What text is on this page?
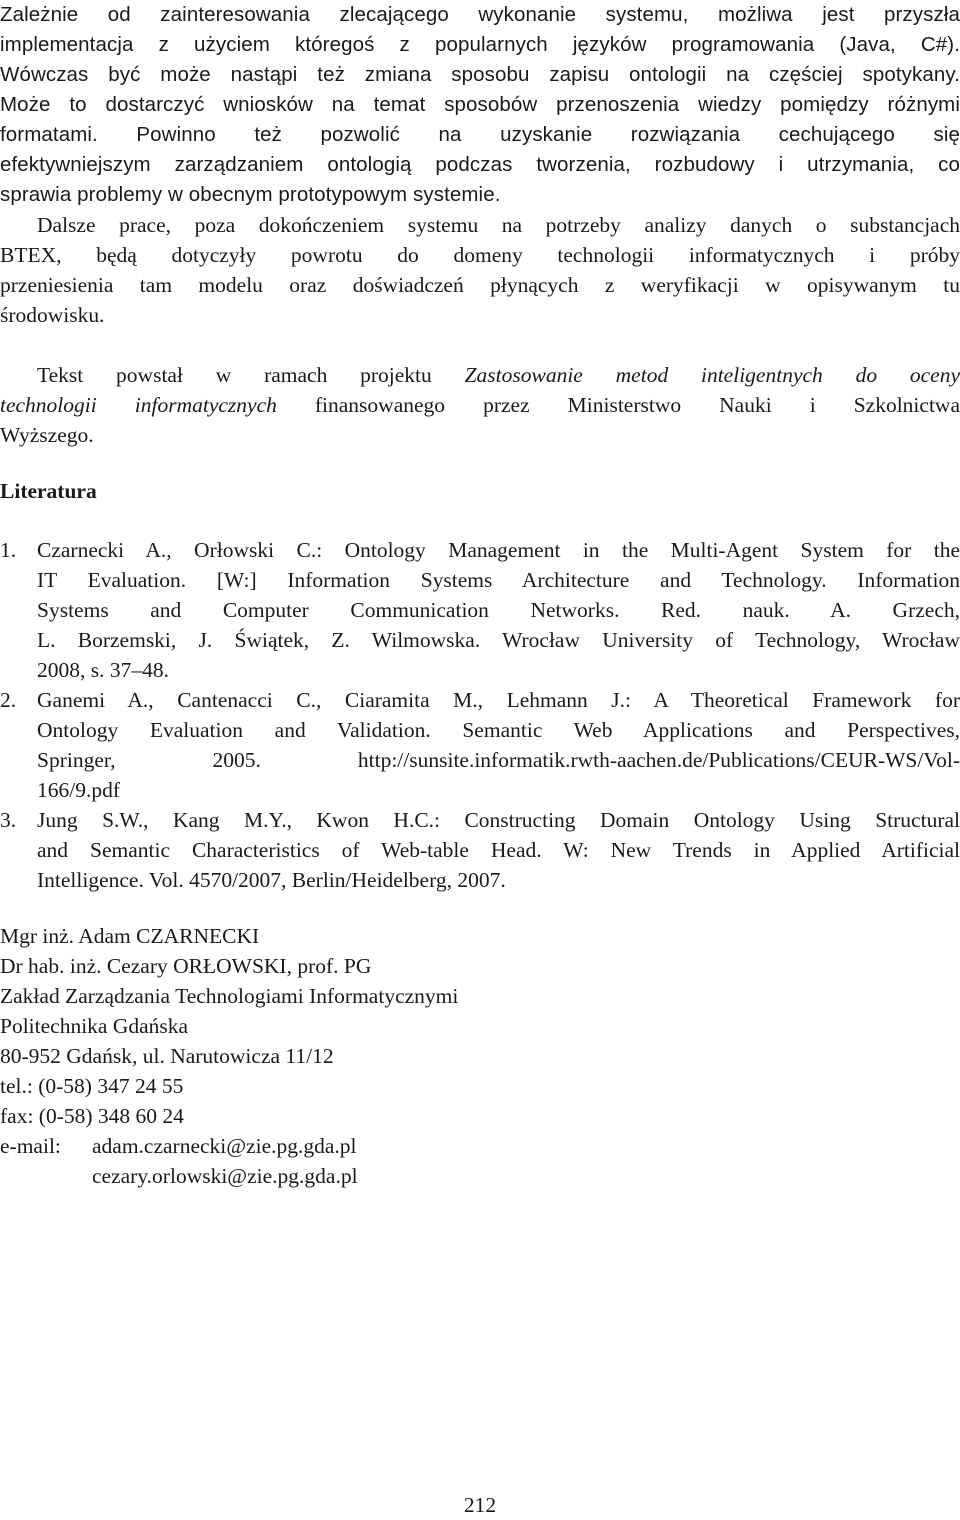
Zależnie od zainteresowania zlecającego wykonanie systemu, możliwa jest przyszła
implementacja z użyciem któregoś z popularnych języków programowania (Java, C#).
Wówczas być może nastąpi też zmiana sposobu zapisu ontologii na częściej spotykany.
Może to dostarczyć wniosków na temat sposobów przenoszenia wiedzy pomiędzy różnymi
formatami. Powinno też pozwolić na uzyskanie rozwiązania cechującego się
efektywniejszym zarządzaniem ontologią podczas tworzenia, rozbudowy i utrzymania, co
sprawia problemy w obecnym prototypowym systemie.
Dalsze prace, poza dokończeniem systemu na potrzeby analizy danych o substancjach
BTEX, będą dotyczyły powrotu do domeny technologii informatycznych i próby
przeniesienia tam modelu oraz doświadczeń płynących z weryfikacji w opisywanym tu
środowisku.
Tekst powstał w ramach projektu Zastosowanie metod inteligentnych do oceny
technologii informatycznych finansowanego przez Ministerstwo Nauki i Szkolnictwa
Wyższego.
Literatura
1. Czarnecki A., Orłowski C.: Ontology Management in the Multi-Agent System for the
IT Evaluation. [W:] Information Systems Architecture and Technology. Information
Systems and Computer Communication Networks. Red. nauk. A. Grzech,
L. Borzemski, J. Świątek, Z. Wilmowska. Wrocław University of Technology, Wrocław
2008, s. 37–48.
2. Ganemi A., Cantenacci C., Ciaramita M., Lehmann J.: A Theoretical Framework for
Ontology Evaluation and Validation. Semantic Web Applications and Perspectives,
Springer, 2005. http://sunsite.informatik.rwth-aachen.de/Publications/CEUR-WS/Vol-
166/9.pdf
3. Jung S.W., Kang M.Y., Kwon H.C.: Constructing Domain Ontology Using Structural
and Semantic Characteristics of Web-table Head. W: New Trends in Applied Artificial
Intelligence. Vol. 4570/2007, Berlin/Heidelberg, 2007.
Mgr inż. Adam CZARNECKI
Dr hab. inż. Cezary ORŁOWSKI, prof. PG
Zakład Zarządzania Technologiami Informatycznymi
Politechnika Gdańska
80-952 Gdańsk, ul. Narutowicza 11/12
tel.: (0-58) 347 24 55
fax: (0-58) 348 60 24
e-mail: adam.czarnecki@zie.pg.gda.pl
cezary.orlowski@zie.pg.gda.pl
212
